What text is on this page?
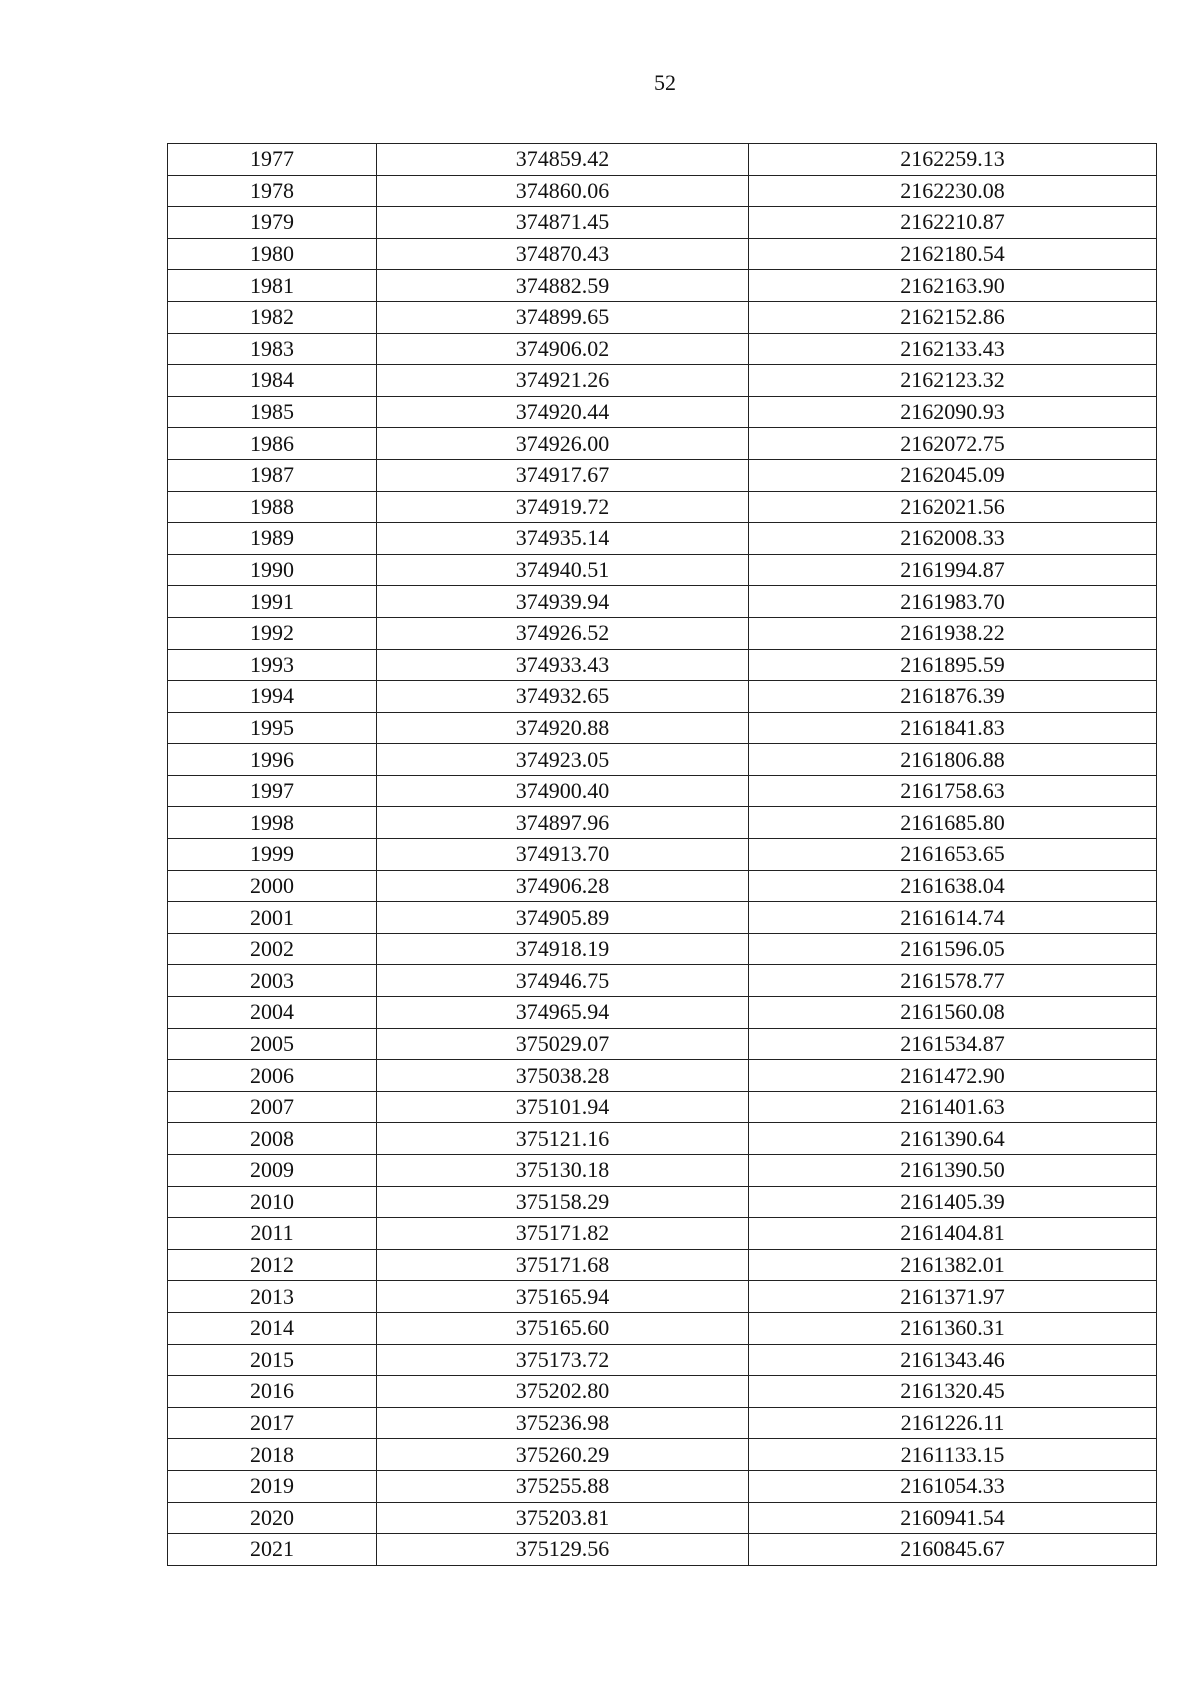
52
1977	374859.42	2162259.13
1978	374860.06	2162230.08
1979	374871.45	2162210.87
1980	374870.43	2162180.54
1981	374882.59	2162163.90
1982	374899.65	2162152.86
1983	374906.02	2162133.43
1984	374921.26	2162123.32
1985	374920.44	2162090.93
1986	374926.00	2162072.75
1987	374917.67	2162045.09
1988	374919.72	2162021.56
1989	374935.14	2162008.33
1990	374940.51	2161994.87
1991	374939.94	2161983.70
1992	374926.52	2161938.22
1993	374933.43	2161895.59
1994	374932.65	2161876.39
1995	374920.88	2161841.83
1996	374923.05	2161806.88
1997	374900.40	2161758.63
1998	374897.96	2161685.80
1999	374913.70	2161653.65
2000	374906.28	2161638.04
2001	374905.89	2161614.74
2002	374918.19	2161596.05
2003	374946.75	2161578.77
2004	374965.94	2161560.08
2005	375029.07	2161534.87
2006	375038.28	2161472.90
2007	375101.94	2161401.63
2008	375121.16	2161390.64
2009	375130.18	2161390.50
2010	375158.29	2161405.39
2011	375171.82	2161404.81
2012	375171.68	2161382.01
2013	375165.94	2161371.97
2014	375165.60	2161360.31
2015	375173.72	2161343.46
2016	375202.80	2161320.45
2017	375236.98	2161226.11
2018	375260.29	2161133.15
2019	375255.88	2161054.33
2020	375203.81	2160941.54
2021	375129.56	2160845.67
